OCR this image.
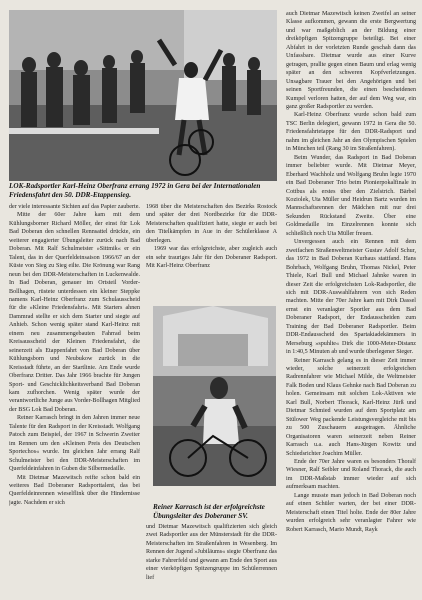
LOK-Radsportler Karl-Heinz Oberfranz errang 1972 in Gera bei der Internationalen Friedensfahrt den 50. DDR-Etappensieg.

der viele interessante Sichten auf das Papier zauberte.

Mitte der 60er Jahre kam mit dem Kühlungsborner Richard Möller, der einst für Lok Bad Doberan den schnellen Rennsattel drückte, ein weiterer engagierter Übungsleiter zurück nach Bad Doberan. Mit Ralf Schulmeister »Sittmik« er ein Talent, das in der Querfeldeinsaison 1966/67 an der Küste von Sieg zu Sieg eilte. Die Krönung war Rang neun bei den DDR-Meisterschaften in Luckenwalde. In Bad Doberan, genauer im Ortsteil Vorder-Bollhagen, rüstete unterdessen ein kleiner Steppke namens Karl-Heinz Oberfranz zum Schulausscheid für die »Kleine Friedensfahrt«. Mit Starters ahnen Dammrad stellte er sich dem Starter und siegte auf Anhieb. Schon wenig später stand Karl-Heinz mit einem neu zusammengebauten Fahrrad beim Kreisausscheid der Kleinen Friedensfahrt, die seinerzeit als Etappenfahrt von Bad Doberan über Kühlungsborn und Neubukow zurück in die Kreisstadt führte, an der Startlinie. Am Ende wurde Oberfranz Dritter. Das Jahr 1966 brachte für Jungen Sport- und Geschicklichkeitsverband Bad Doberan kam zufhorchen. Wenig später wurde der verantwortliche Junge aus Vorder-Bollhagen Mitglied der BSG Lok Bad Doberan.

Reiner Karrasch bringt in den Jahren immer neue Talente für den Radsport in der Kreisstadt. Wolfgang Patoch zum Beispiel, der 1967 in Schwerin Zweiter im Rennen um den »Kleinen Preis des Deutschen Sportechos« wurde. Im gleichen Jahr errang Ralf Schulmeister bei den DDR-Meisterschaften im Querfeldeinfahren in Guben die Silbermedaille.

Mit Dietmar Mazewitsch reifte schon bald ein weiteres Bad Doberaner Radsporttalent, das bei Querfeldeinrennen wieselflink über die Hindernisse jagte. Nachdem er sich

1968 über die Meisterschaften des Bezirks Rostock und später der drei Nordbezirke für die DDR-Meisterschaften qualifiziert hatte, siegte er auch bei den Titelkämpfen in Aue in der Schülerklasse A überlegen.

1969 war das erfolgreichste, aber zugleich auch ein sehr trauriges Jahr für den Doberaner Radsport. Mit Karl-Heinz Oberfranz

Reiner Karrasch ist der erfolgreichste Übungsleiter des Doberaner SV.

und Dietmar Mazewitsch qualifizierten sich gleich zwei Radsportler aus der Münsterstadt für die DDR-Meisterschaften im Straßenfahren in Wesenberg. Im Rennen der Jugend »Jubiläums« siegte Oberfranz das starke Fahrerfeld und gewann am Ende den Sport aus einer vierköpfigen Spitzengruppe im Schülerrennen lief

auch Dietmar Mazewitsch keinen Zweifel an seiner Klasse aufkommen, gewann die erste Bergwertung und war maßgeblich an der Bildung einer dreiköpfigen Spitzengruppe beteiligt. Bei einer Abfahrt in der vorletzten Runde geschah dann das Unfassbare. Dietmar wurde aus einer Kurve getragen, prallte gegen einen Baum und erlag wenig später an den schweren Kopfverletzungen. Unsagbare Trauer bei den Angehörigen und bei seinen Sportfreunden, die einen bescheidenen Kumpel verloren hatten, der auf dem Weg war, ein ganz großer Radsportler zu werden.

Karl-Heinz Oberfranz wurde schon bald zum TSC Berlin delegiert, gewann 1972 in Gera die 50. Friedensfahrtetappe für den DDR-Radsport und nahm im gleichen Jahr an den Olympischen Spielen in München teil (Rang 30 im Straßenfahren).

Beim Wunder, das Radsport in Bad Doberan immer beliebter wurde. Mit Dietmar Meyer, Eberhard Wachholz und Wolfgang Bruhn legte 1970 ein Bad Doberaner Trio beim Pionierpokalfinale in Cottbus als erstes über den Zielstrich. Bärbel Koziolek, Uta Müller und Heidrun Bartz wurden im Mannschaftsrennen der Mädchen mit nur drei Sekunden Rückstand Zweite. Über eine Goldmedaille im Einzelrennen konnte sich schließlich noch Uta Müller freuen.

Unvergessen auch ein Rennen mit dem zweifachen Straßenweltmeister Gustav Adolf Schur, das 1972 in Bad Doberan Kurhaus stattfand. Hans Bohrbach, Wolfgang Bruhn, Thomas Nickel, Peter Thiele, Karl Bull und Michael Jahnke waren in dieser Zeit die erfolgreichsten Lok-Radsportler, die sich mit DDR-Auswahlfahrern von sich Reden machten. Mitte der 70er Jahre kam mit Dirk Dassel ernst ein veranlagter Sportler aus dem Bad Doberaner Radsport, der Endausscheiden zum Training der Bad Doberaner Radsportler. Beim DDR-Endausscheid des Spartakiadekämmers in Merseburg »spuhlte« Dirk die 1000-Meter-Distanz in 1:40,5 Minuten ab und wurde überlegener Sieger.

Reiner Karrasch gelang es in dieser Zeit immer wieder, solche seinerzeit erfolgreichen Radrennfahrer wie Michael Milde, die Weltmeister Falk Boden und Klaus Gehnke nach Bad Doberan zu holen. Gemeinsam mit solchen Lok-Aktiven wie Karl Bull, Norbert Thorack, Karl-Heinz Jürß und Dietmar Schmied wurden auf dem Sportplatz am Stülower Weg packende Leistungsvergleiche mit bis zu 500 Zuschauern ausgetragen. Ähnliche Organisatoren waren seinerzeit neben Reiner Karrasch u.a. auch Hans-Jürgen Kowitz und Schiedsrichter Joachim Müller.

Ende der 70er Jahre waren es besonders Thoralf Wiesner, Ralf Seibler und Roland Thorack, die auch im DDR-Maßstab immer wieder auf sich aufmerksam machten.

Lange musste man jedoch in Bad Doberan noch auf einen Schüler warten, der bei einer DDR-Meisterschaft einen Titel holte. Ende der 80er Jahre wurden erfolgreich sehr veranlagter Fahrer wie Robert Karrasch, Mario Mundt, Rayk
